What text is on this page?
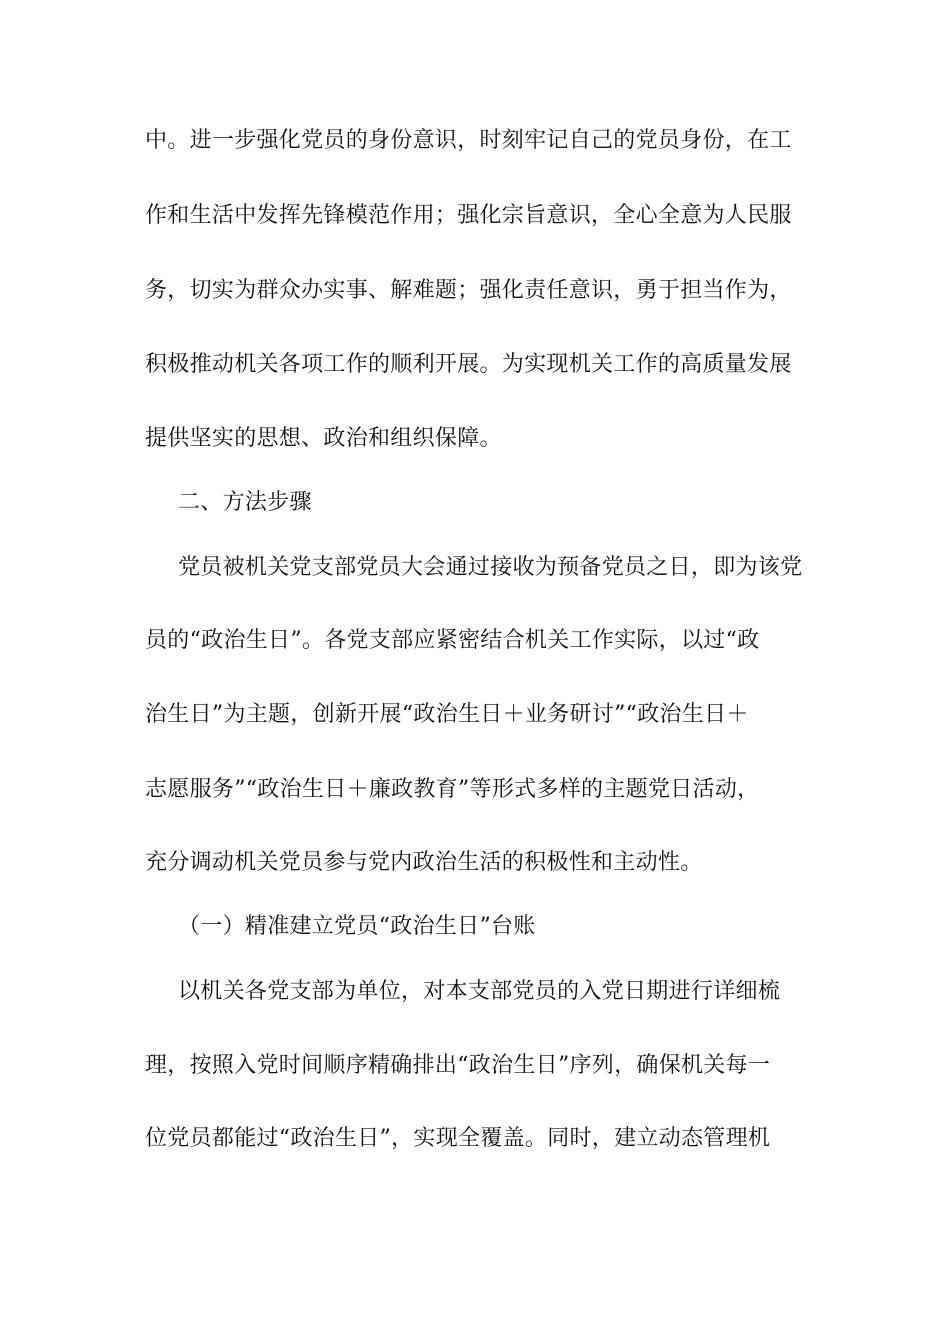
中。进一步强化党员的身份意识，时刻牢记自己的党员身份，在工
作和生活中发挥先锋模范作用；强化宗旨意识，全心全意为人民服
务，切实为群众办实事、解难题；强化责任意识，勇于担当作为，
积极推动机关各项工作的顺利开展。为实现机关工作的高质量发展
提供坚实的思想、政治和组织保障。
二、方法步骤
党员被机关党支部党员大会通过接收为预备党员之日，即为该党
员的“政治生日”。各党支部应紧密结合机关工作实际，以过“政
治生日”为主题，创新开展“政治生日＋业务研讨”“政治生日＋
志愿服务”“政治生日＋廉政教育”等形式多样的主题党日活动，
充分调动机关党员参与党内政治生活的积极性和主动性。
（一）精准建立党员“政治生日”台账
以机关各党支部为单位，对本支部党员的入党日期进行详细梳
理，按照入党时间顺序精确排出“政治生日”序列，确保机关每一
位党员都能过“政治生日”，实现全覆盖。同时，建立动态管理机
